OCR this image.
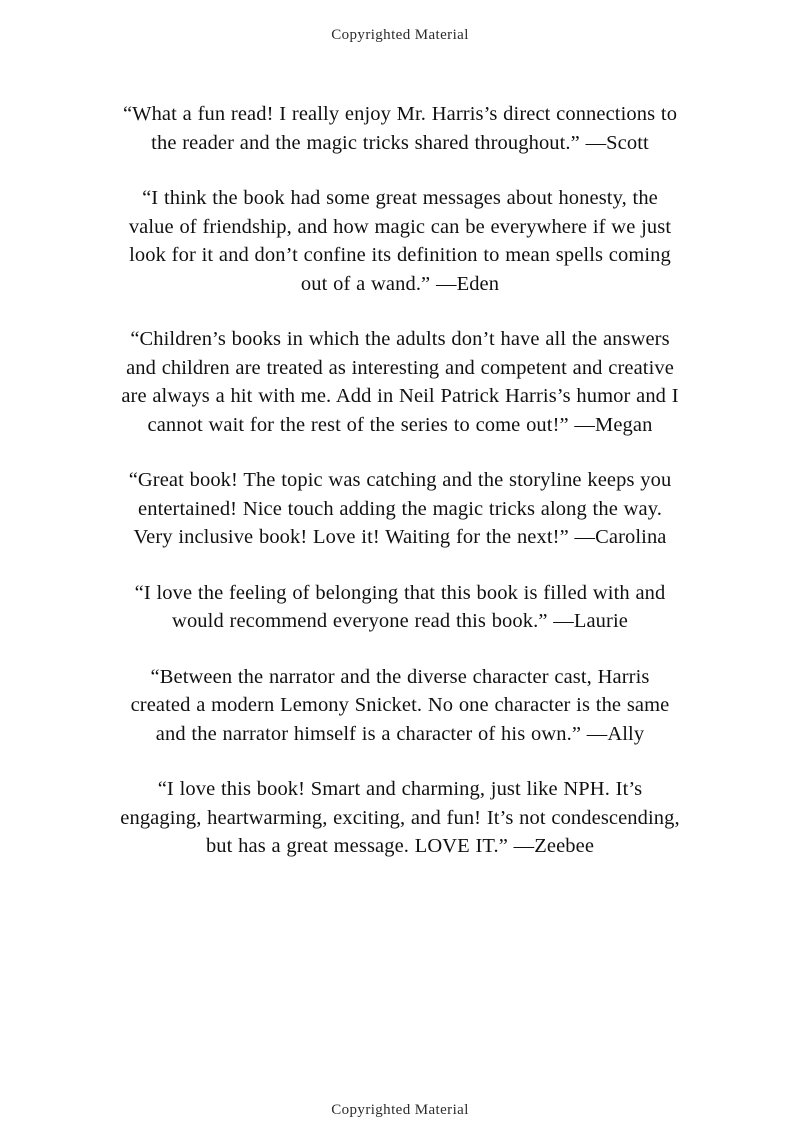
Copyrighted Material

“What a fun read! I really enjoy Mr. Harris’s direct connections to the reader and the magic tricks shared throughout.” —Scott

“I think the book had some great messages about honesty, the value of friendship, and how magic can be everywhere if we just look for it and don’t confine its definition to mean spells coming out of a wand.” —Eden

“Children’s books in which the adults don’t have all the answers and children are treated as interesting and competent and creative are always a hit with me. Add in Neil Patrick Harris’s humor and I cannot wait for the rest of the series to come out!” —Megan

“Great book! The topic was catching and the storyline keeps you entertained! Nice touch adding the magic tricks along the way. Very inclusive book! Love it! Waiting for the next!” —Carolina

“I love the feeling of belonging that this book is filled with and would recommend everyone read this book.” —Laurie

“Between the narrator and the diverse character cast, Harris created a modern Lemony Snicket. No one character is the same and the narrator himself is a character of his own.” —Ally

“I love this book! Smart and charming, just like NPH. It’s engaging, heartwarming, exciting, and fun! It’s not condescending, but has a great message. LOVE IT.” —Zeebee

Copyrighted Material
